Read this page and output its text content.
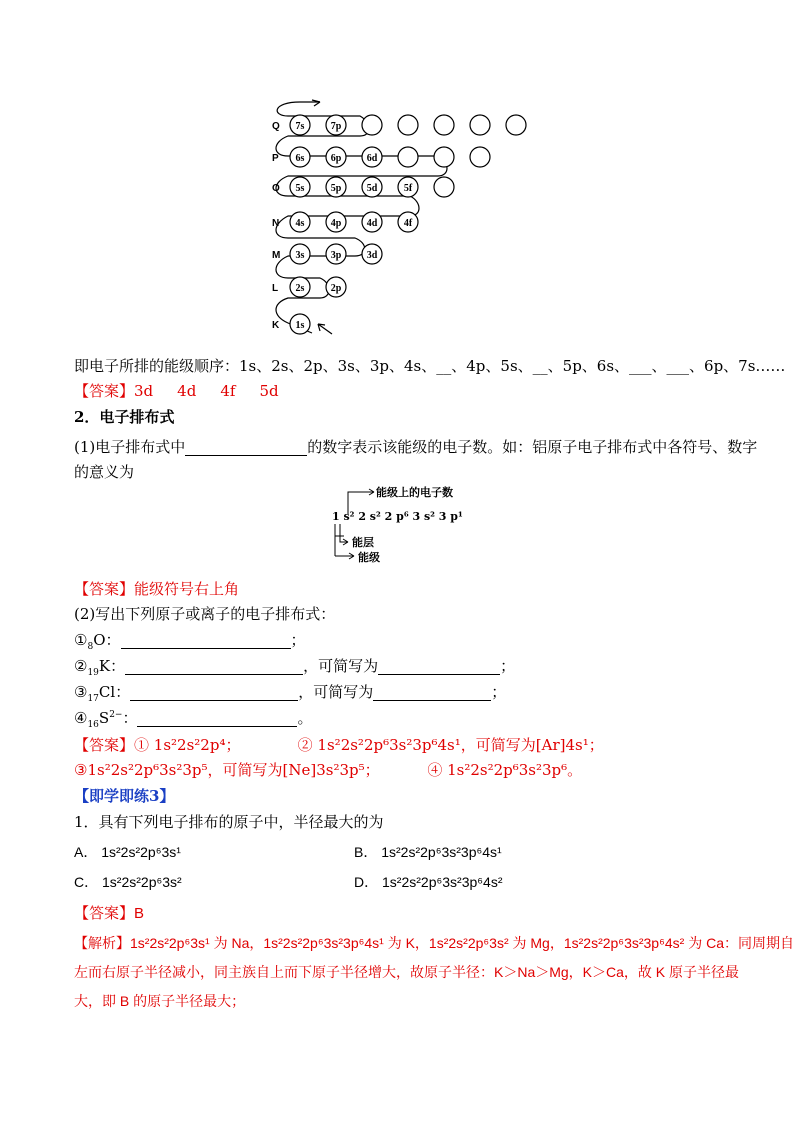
7s	7p
6s	6p	6d
5s	5p	5d	5f
4s	4p	4d	4f
3s	3p	3d
2s	2p
1s
Q
P
O
N
M
L
K
即电子所排的能级顺序：1s、2s、2p、3s、3p、4s、__、4p、5s、__、5p、6s、___、___、6p、7s……
【答案】3d 4d 4f 5d
2．电子排布式
(1)电子排布式中	的数字表示该能级的电子数。如：铝原子电子排布式中各符号、数字
的意义为
能级上的电子数
1 s² 2 s² 2 p⁶ 3 s² 3 p¹
能层
能级
【答案】能级符号右上角
(2)写出下列原子或离子的电子排布式：
$①_8O$：	；
$②_{19}K$：	，可简写为	；
$③_{17}Cl$：	，可简写为	；
$④_{16}S^{2-}$：	。
【答案】① 1s²2s²2p⁴；            ② 1s²2s²2p⁶3s²3p⁶4s¹，可简写为[Ar]4s¹；
③1s²2s²2p⁶3s²3p⁵，可简写为[Ne]3s²3p⁵；          ④ 1s²2s²2p⁶3s²3p⁶。
【即学即练3】
1．具有下列电子排布的原子中，半径最大的为
A． 1s²2s²2p⁶3s¹	B． 1s²2s²2p⁶3s²3p⁶4s¹
C． 1s²2s²2p⁶3s²	D． 1s²2s²2p⁶3s²3p⁶4s²
【答案】B
【解析】1s²2s²2p⁶3s¹ 为 Na，1s²2s²2p⁶3s²3p⁶4s¹ 为 K，1s²2s²2p⁶3s² 为 Mg，1s²2s²2p⁶3s²3p⁶4s² 为 Ca：同周期自
左而右原子半径减小，同主族自上而下原子半径增大，故原子半径：K＞Na＞Mg，K＞Ca，故 K 原子半径最
大，即 B 的原子半径最大；
